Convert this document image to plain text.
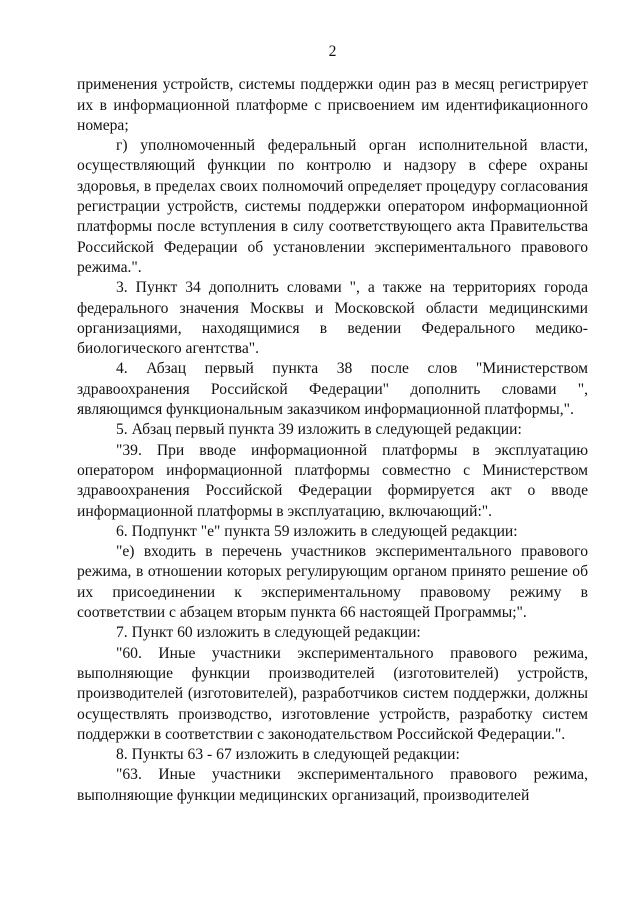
2

применения устройств, системы поддержки один раз в месяц регистрирует их в информационной платформе с присвоением им идентификационного номера;

г) уполномоченный федеральный орган исполнительной власти, осуществляющий функции по контролю и надзору в сфере охраны здоровья, в пределах своих полномочий определяет процедуру согласования регистрации устройств, системы поддержки оператором информационной платформы после вступления в силу соответствующего акта Правительства Российской Федерации об установлении экспериментального правового режима.".

3. Пункт 34 дополнить словами ", а также на территориях города федерального значения Москвы и Московской области медицинскими организациями, находящимися в ведении Федерального медико-биологического агентства".

4. Абзац первый пункта 38 после слов "Министерством здравоохранения Российской Федерации" дополнить словами ", являющимся функциональным заказчиком информационной платформы,".

5. Абзац первый пункта 39 изложить в следующей редакции:

"39. При вводе информационной платформы в эксплуатацию оператором информационной платформы совместно с Министерством здравоохранения Российской Федерации формируется акт о вводе информационной платформы в эксплуатацию, включающий:".

6. Подпункт "е" пункта 59 изложить в следующей редакции:

"е) входить в перечень участников экспериментального правового режима, в отношении которых регулирующим органом принято решение об их присоединении к экспериментальному правовому режиму в соответствии с абзацем вторым пункта 66 настоящей Программы;".

7. Пункт 60 изложить в следующей редакции:

"60. Иные участники экспериментального правового режима, выполняющие функции производителей (изготовителей) устройств, производителей (изготовителей), разработчиков систем поддержки, должны осуществлять производство, изготовление устройств, разработку систем поддержки в соответствии с законодательством Российской Федерации.".

8. Пункты 63 - 67 изложить в следующей редакции:

"63. Иные участники экспериментального правового режима, выполняющие функции медицинских организаций, производителей
